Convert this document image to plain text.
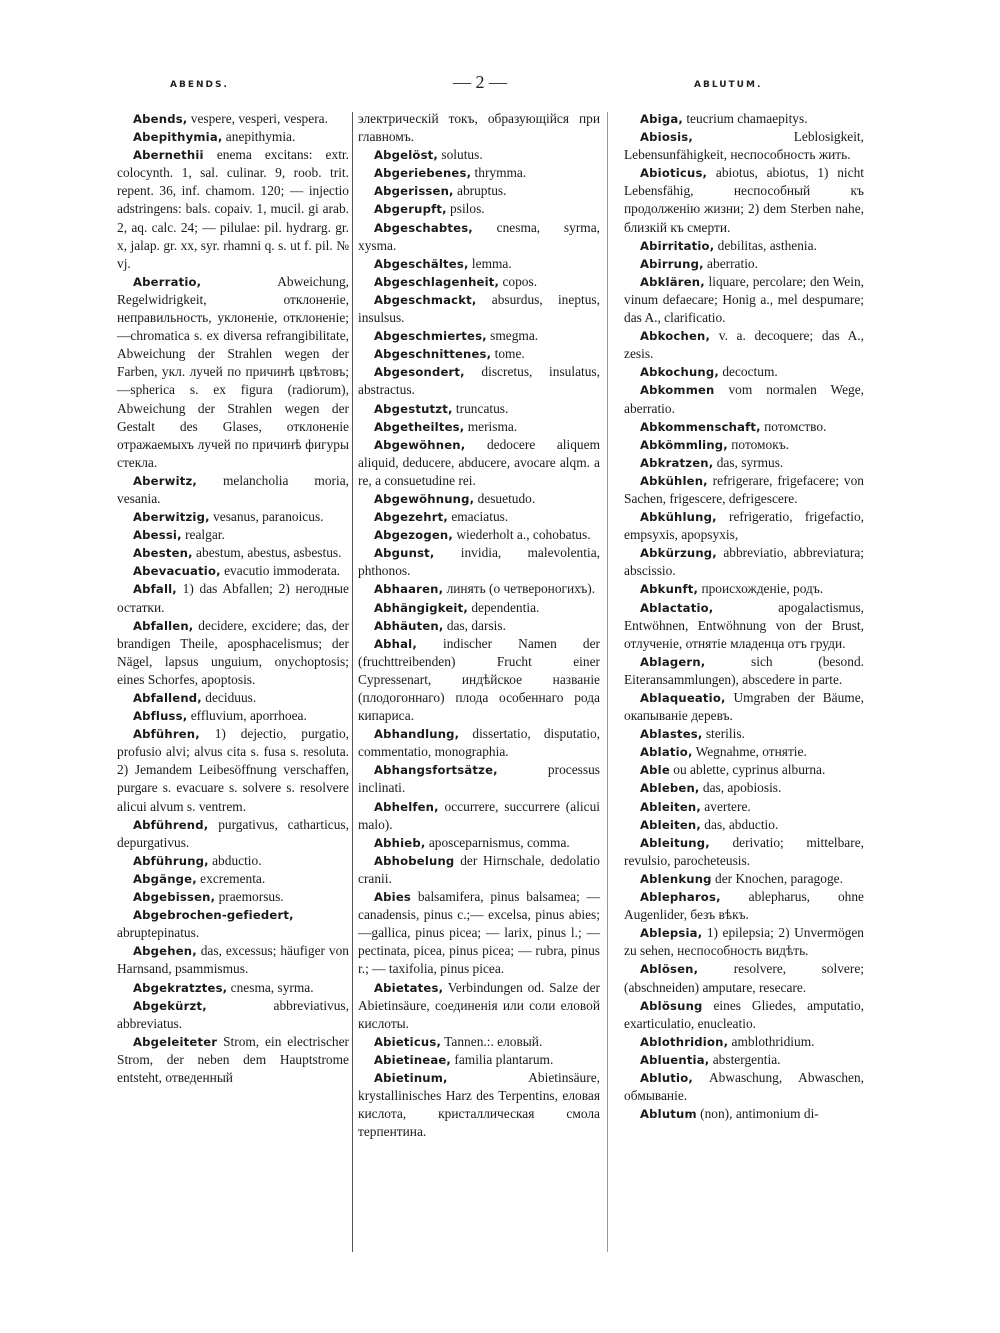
ABENDS.	— 2 —	ABLUTUM.

Abends, vespere, vesperi, vespera.

Abepithymia, anepithymia.

Abernethii enema excitans: extr. colocynth. 1, sal. culinar. 9, roob. trit. repent. 36, inf. chamom. 120; — injectio adstringens: bals. copaiv. 1, mucil. gi arab. 2, aq. calc. 24; — pilulae: pil. hydrarg. gr. x, jalap. gr. xx, syr. rhamni q. s. ut f. pil. № vj.

Aberratio, Abweichung, Regelwidrigkeit, отклоненіе, неправильность, уклоненіе, отклоненіе;—chromatica s. ex diversa refrangibilitate, Abweichung der Strahlen wegen der Farben, укл. лучей по причинѣ цвѣтовъ;—spherica s. ex figura (radiorum), Abweichung der Strahlen wegen der Gestalt des Glases, отклоненіе отражаемыхъ лучей по причинѣ фигуры стекла.

Aberwitz, melancholia moria, vesania.

Aberwitzig, vesanus, paranoicus.

Abessi, realgar.

Abesten, abestum, abestus, asbestus.

Abevacuatio, evacutio immoderata.

Abfall, 1) das Abfallen; 2) негодные остатки.

Abfallen, decidere, excidere; das, der brandigen Theile, aposphacelismus; der Nägel, lapsus unguium, onychoptosis; eines Schorfes, apoptosis.

Abfallend, deciduus.

Abfluss, effluvium, aporrhoea.

Abführen, 1) dejectio, purgatio, profusio alvi; alvus cita s. fusa s. resoluta. 2) Jemandem Leibesöffnung verschaffen, purgare s. evacuare s. solvere s. resolvere alicui alvum s. ventrem.

Abführend, purgativus, catharticus, depurgativus.

Abführung, abductio.

Abgänge, excrementa.

Abgebissen, praemorsus.

Abgebrochen-gefiedert, abruptepinatus.

Abgehen, das, excessus; häufiger von Harnsand, psammismus.

Abgekratztes, cnesma, syrma.

Abgekürzt, abbreviativus, abbreviatus.

Abgeleiteter Strom, ein electrischer Strom, der neben dem Hauptstrome entsteht, отведенный

электрическій токъ, образующійся при главномъ.

Abgelöst, solutus.

Abgeriebenes, thrymma.

Abgerissen, abruptus.

Abgerupft, psilos.

Abgeschabtes, cnesma, syrma, xysma.

Abgeschältes, lemma.

Abgeschlagenheit, copos.

Abgeschmackt, absurdus, ineptus, insulsus.

Abgeschmiertes, smegma.

Abgeschnittenes, tome.

Abgesondert, discretus, insulatus, abstractus.

Abgestutzt, truncatus.

Abgetheiltes, merisma.

Abgewöhnen, dedocere aliquem aliquid, deducere, abducere, avocare alqm. a re, a consuetudine rei.

Abgewöhnung, desuetudo.

Abgezehrt, emaciatus.

Abgezogen, wiederholt a., cohobatus.

Abgunst, invidia, malevolentia, phthonos.

Abhaaren, линять (о четвероногихъ).

Abhängigkeit, dependentia.

Abhäuten, das, darsis.

Abhal, indischer Namen der (fruchttreibenden) Frucht einer Cypressenart, индѣйское названіе (плодогоннаго) плода особеннаго рода кипариса.

Abhandlung, dissertatio, disputatio, commentatio, monographia.

Abhangsfortsätze, processus inclinati.

Abhelfen, occurrere, succurrere (alicui malo).

Abhieb, aposceparnismus, comma.

Abhobelung der Hirnschale, dedolatio cranii.

Abies balsamifera, pinus balsamea; — canadensis, pinus c.;— excelsa, pinus abies;—gallica, pinus picea; — larix, pinus l.; — pectinata, picea, pinus picea; — rubra, pinus r.; — taxifolia, pinus picea.

Abietates, Verbindungen od. Salze der Abietinsäure, соединенія или соли еловой кислоты.

Abieticus, Tannen.:. еловый.

Abietineae, familia plantarum.

Abietinum, Abietinsäure, krystallinisches Harz des Terpentins, еловая кислота, кристаллическая смола терпентина.

Abiga, teucrium chamaepitys.

Abiosis, Leblosigkeit, Lebensunfähigkeit, неспособность жить.

Abioticus, abiotus, abiotus, 1) nicht Lebensfähig, неспособный къ продолженію жизни; 2) dem Sterben nahe, близкій къ смерти.

Abirritatio, debilitas, asthenia.

Abirrung, aberratio.

Abklären, liquare, percolare; den Wein, vinum defaecare; Honig a., mel despumare; das A., clarificatio.

Abkochen, v. a. decoquere; das A., zesis.

Abkochung, decoctum.

Abkommen vom normalen Wege, aberratio.

Abkommenschaft, потомство.

Abkömmling, потомокъ.

Abkratzen, das, syrmus.

Abkühlen, refrigerare, frigefacere; von Sachen, frigescere, defrigescere.

Abkühlung, refrigeratio, frigefactio, empsyxis, apopsyxis,

Abkürzung, abbreviatio, abbreviatura; abscissio.

Abkunft, происхожденіе, родъ.

Ablactatio, apogalactismus, Entwöhnen, Entwöhnung von der Brust, отлученіе, отнятіе младенца отъ груди.

Ablagern, sich (besond. Eiteransammlungen), abscedere in parte.

Ablaqueatio, Umgraben der Bäume, окапываніе деревъ.

Ablastes, sterilis.

Ablatio, Wegnahme, отнятіе.

Able ou ablette, cyprinus alburna.

Ableben, das, apobiosis.

Ableiten, avertere.

Ableiten, das, abductio.

Ableitung, derivatio; mittelbare, revulsio, parocheteusis.

Ablenkung der Knochen, paragoge.

Ablepharos, ablepharus, ohne Augenlider, безъ вѣкъ.

Ablepsia, 1) epilepsia; 2) Unvermögen zu sehen, неспособность видѣть.

Ablösen, resolvere, solvere; (abschneiden) amputare, resecare.

Ablösung eines Gliedes, amputatio, exarticulatio, enucleatio.

Ablothridion, amblothridium.

Abluentia, abstergentia.

Ablutio, Abwaschung, Abwaschen, обмываніе.

Ablutum (non), antimonium di-
